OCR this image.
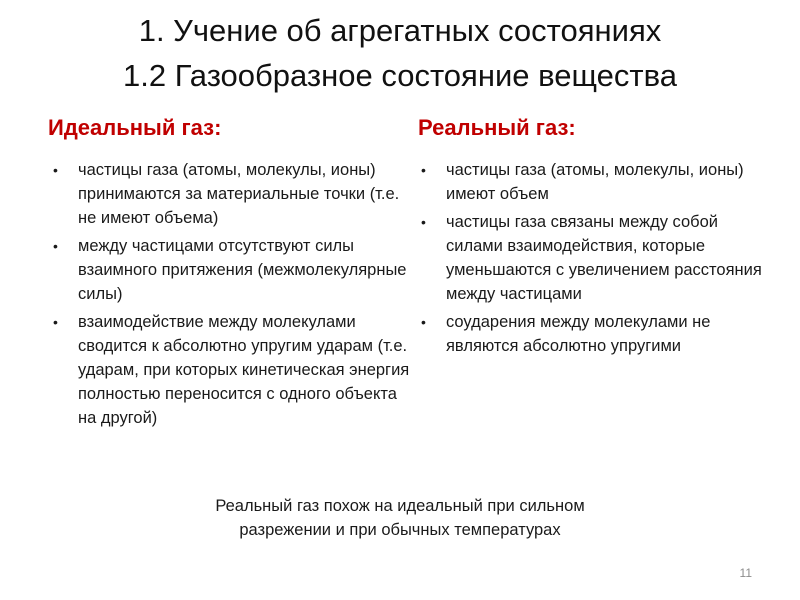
1. Учение об агрегатных состояниях
1.2 Газообразное состояние вещества
Идеальный газ:
• частицы газа (атомы, молекулы, ионы) принимаются за материальные точки (т.е. не имеют объема)
• между частицами отсутствуют силы взаимного притяжения (межмолекулярные силы)
• взаимодействие между молекулами сводится к абсолютно упругим ударам (т.е. ударам, при которых кинетическая энергия полностью переносится с одного объекта на другой)
Реальный газ:
• частицы газа (атомы, молекулы, ионы) имеют объем
• частицы газа связаны между собой силами взаимодействия, которые уменьшаются с увеличением расстояния между частицами
• соударения между молекулами не являются абсолютно упругими
Реальный газ похож на идеальный при сильном
разрежении и при обычных температурах
11
